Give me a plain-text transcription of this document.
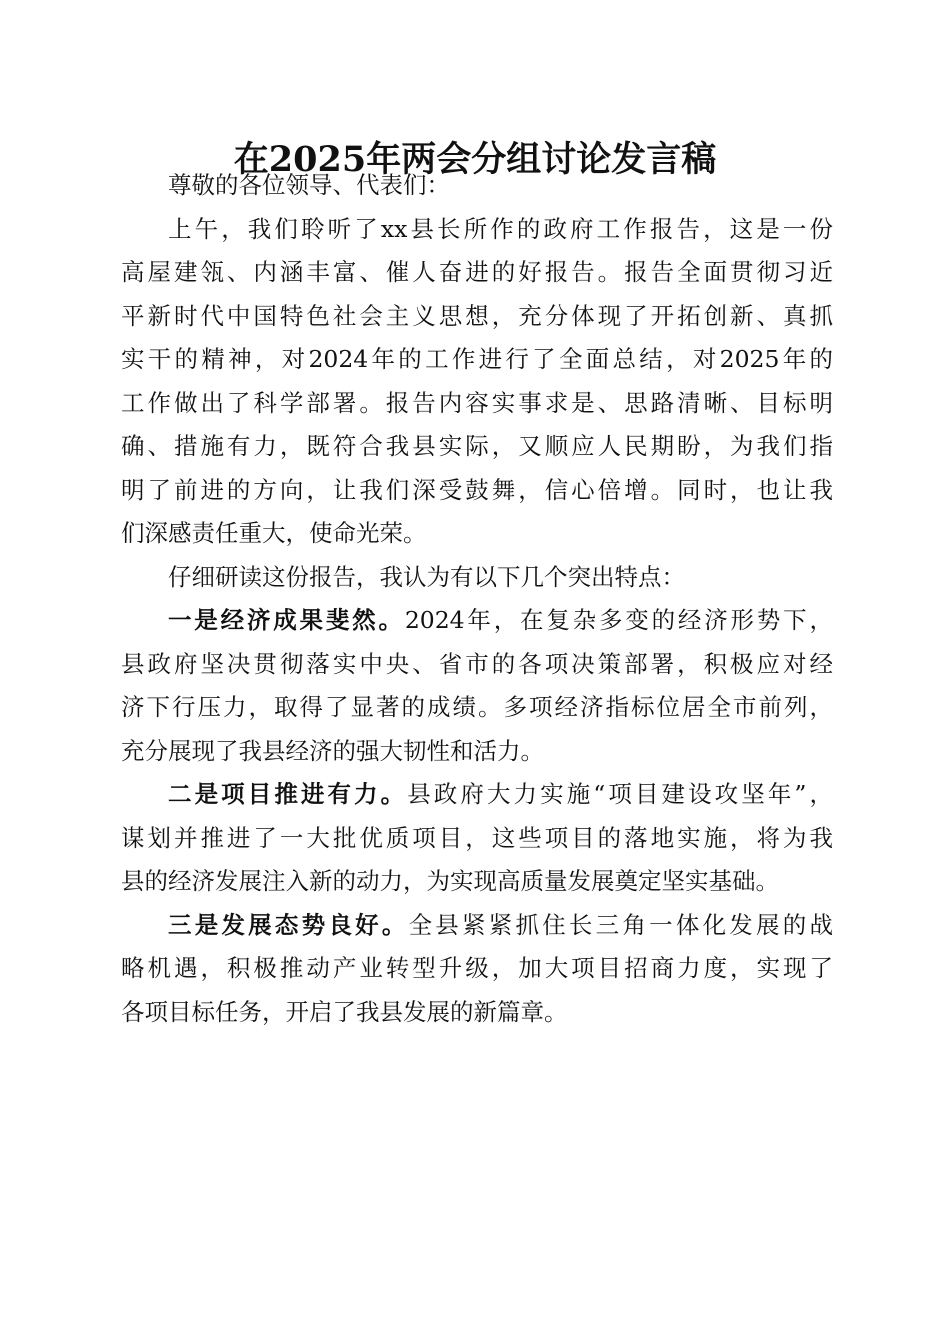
在2025年两会分组讨论发言稿
尊敬的各位领导、代表们：
上午，我们聆听了xx县长所作的政府工作报告，这是一份
高屋建瓴、内涵丰富、催人奋进的好报告。报告全面贯彻习近
平新时代中国特色社会主义思想，充分体现了开拓创新、真抓
实干的精神，对2024年的工作进行了全面总结，对2025年的
工作做出了科学部署。报告内容实事求是、思路清晰、目标明
确、措施有力，既符合我县实际，又顺应人民期盼，为我们指
明了前进的方向，让我们深受鼓舞，信心倍增。同时，也让我
们深感责任重大，使命光荣。
仔细研读这份报告，我认为有以下几个突出特点：
一是经济成果斐然。2024年，在复杂多变的经济形势下，
县政府坚决贯彻落实中央、省市的各项决策部署，积极应对经
济下行压力，取得了显著的成绩。多项经济指标位居全市前列，
充分展现了我县经济的强大韧性和活力。
二是项目推进有力。县政府大力实施“项目建设攻坚年”，
谋划并推进了一大批优质项目，这些项目的落地实施，将为我
县的经济发展注入新的动力，为实现高质量发展奠定坚实基础。
三是发展态势良好。全县紧紧抓住长三角一体化发展的战
略机遇，积极推动产业转型升级，加大项目招商力度，实现了
各项目标任务，开启了我县发展的新篇章。
